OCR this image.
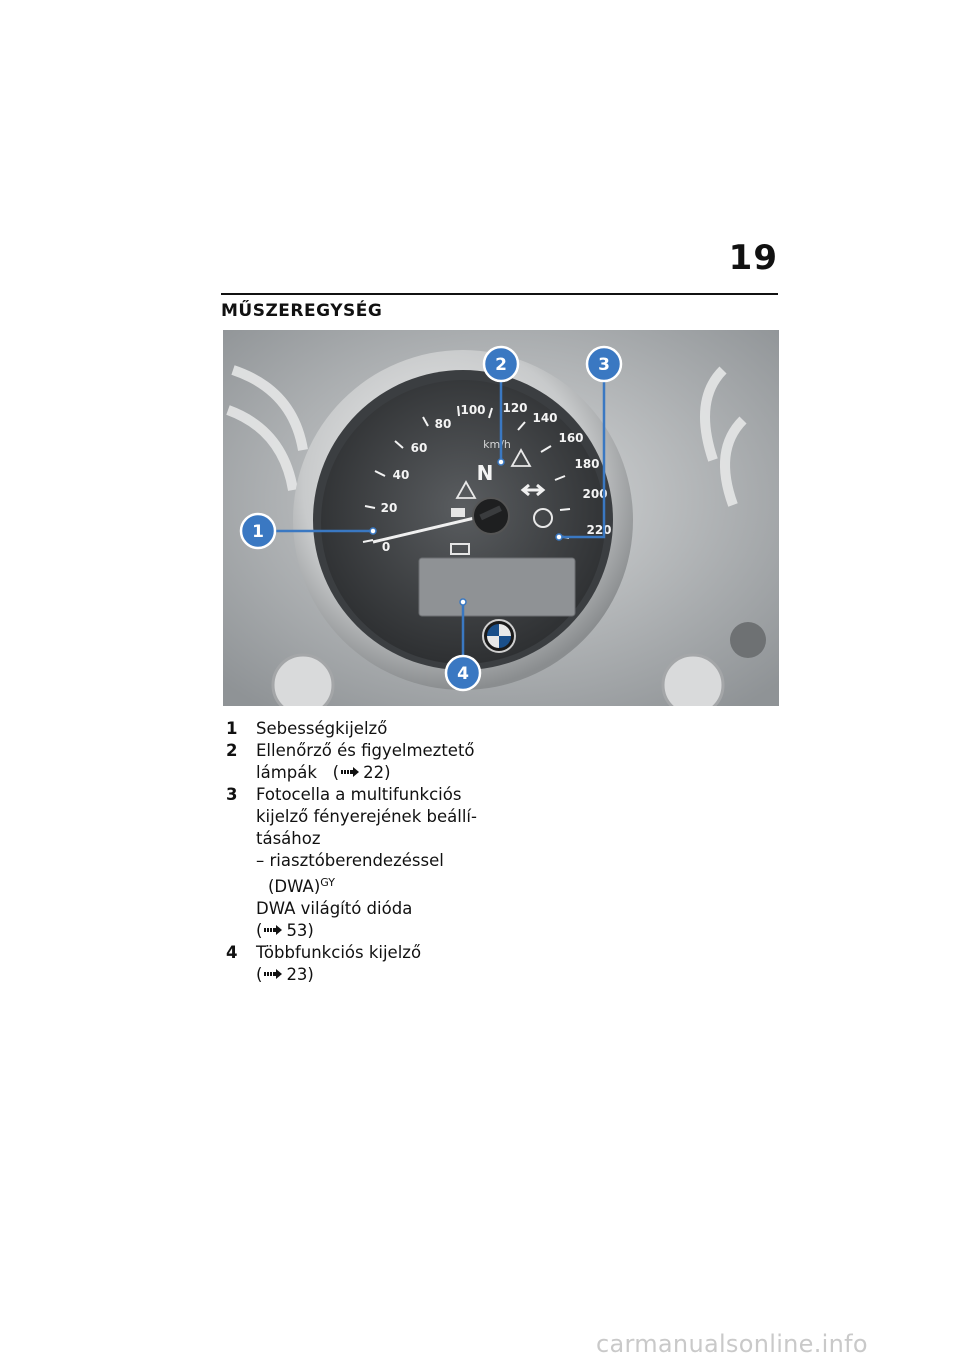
19
MŰSZEREGYSÉG
0
20
40
60
80
100 120
140
160
180
200
220
km/h
N
1
2	3
4
1 Sebességkijelző
2 Ellenőrző és figyelmeztető
lámpák ( 22)
3 Fotocella a multifunkciós
kijelző fényerejének beállí-
tásához
– riasztóberendezéssel
(DWA)$^{GY}$
DWA világító dióda
( 53)
4 Többfunkciós kijelző
( 23)
carmanualsonline.info
